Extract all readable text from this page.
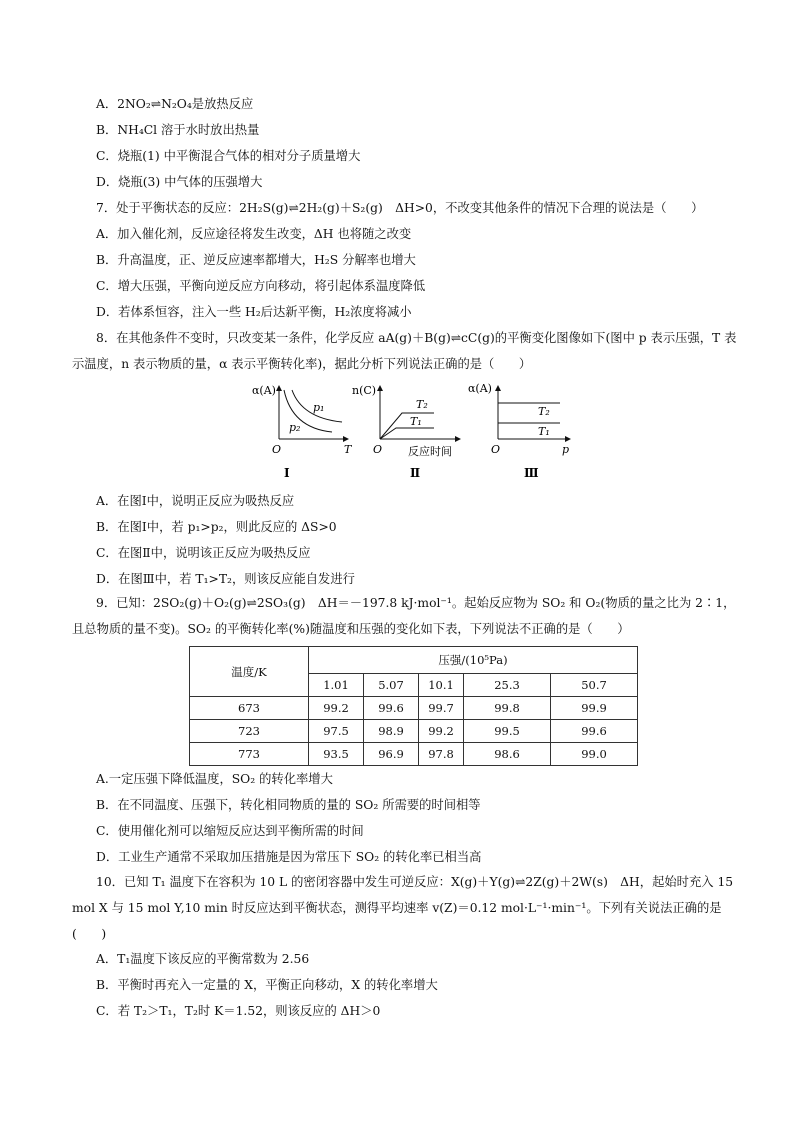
A．2NO₂⇌N₂O₄是放热反应
B．NH₄Cl 溶于水时放出热量
C．烧瓶(1) 中平衡混合气体的相对分子质量增大
D．烧瓶(3) 中气体的压强增大
7．处于平衡状态的反应：2H₂S(g)⇌2H₂(g)＋S₂(g)　ΔH>0，不改变其他条件的情况下合理的说法是（　　）
A．加入催化剂，反应途径将发生改变，ΔH 也将随之改变
B．升高温度，正、逆反应速率都增大，H₂S 分解率也增大
C．增大压强，平衡向逆反应方向移动，将引起体系温度降低
D．若体系恒容，注入一些 H₂后达新平衡，H₂浓度将减小
8．在其他条件不变时，只改变某一条件，化学反应 aA(g)＋B(g)⇌cC(g)的平衡变化图像如下(图中 p 表示压强，T 表示温度，n 表示物质的量，α 表示平衡转化率)，据此分析下列说法正确的是（　　）
α(A)
T
O
p₁
p₂
Ⅰ
n(C)
反应时间
O
T₂
T₁
Ⅱ
α(A)
p
O
T₂
T₁
Ⅲ
A．在图Ⅰ中，说明正反应为吸热反应
B．在图Ⅰ中，若 p₁>p₂，则此反应的 ΔS>0
C．在图Ⅱ中，说明该正反应为吸热反应
D．在图Ⅲ中，若 T₁>T₂，则该反应能自发进行
9．已知：2SO₂(g)＋O₂(g)⇌2SO₃(g)　ΔH＝－197.8 kJ·mol⁻¹。起始反应物为 SO₂ 和 O₂(物质的量之比为 2∶1，且总物质的量不变)。SO₂ 的平衡转化率(%)随温度和压强的变化如下表，下列说法不正确的是（　　）
温度/K	压强/(10⁵Pa)				
	1.01	5.07	10.1	25.3	50.7
673	99.2	99.6	99.7	99.8	99.9
723	97.5	98.9	99.2	99.5	99.6
773	93.5	96.9	97.8	98.6	99.0
A.一定压强下降低温度，SO₂ 的转化率增大
B．在不同温度、压强下，转化相同物质的量的 SO₂ 所需要的时间相等
C．使用催化剂可以缩短反应达到平衡所需的时间
D．工业生产通常不采取加压措施是因为常压下 SO₂ 的转化率已相当高
10．已知 T₁ 温度下在容积为 10 L 的密闭容器中发生可逆反应：X(g)＋Y(g)⇌2Z(g)＋2W(s)　ΔH，起始时充入 15 mol X 与 15 mol Y,10 min 时反应达到平衡状态，测得平均速率 v(Z)＝0.12 mol·L⁻¹·min⁻¹。下列有关说法正确的是(　　)
A．T₁温度下该反应的平衡常数为 2.56
B．平衡时再充入一定量的 X，平衡正向移动，X 的转化率增大
C．若 T₂＞T₁，T₂时 K＝1.52，则该反应的 ΔH＞0
